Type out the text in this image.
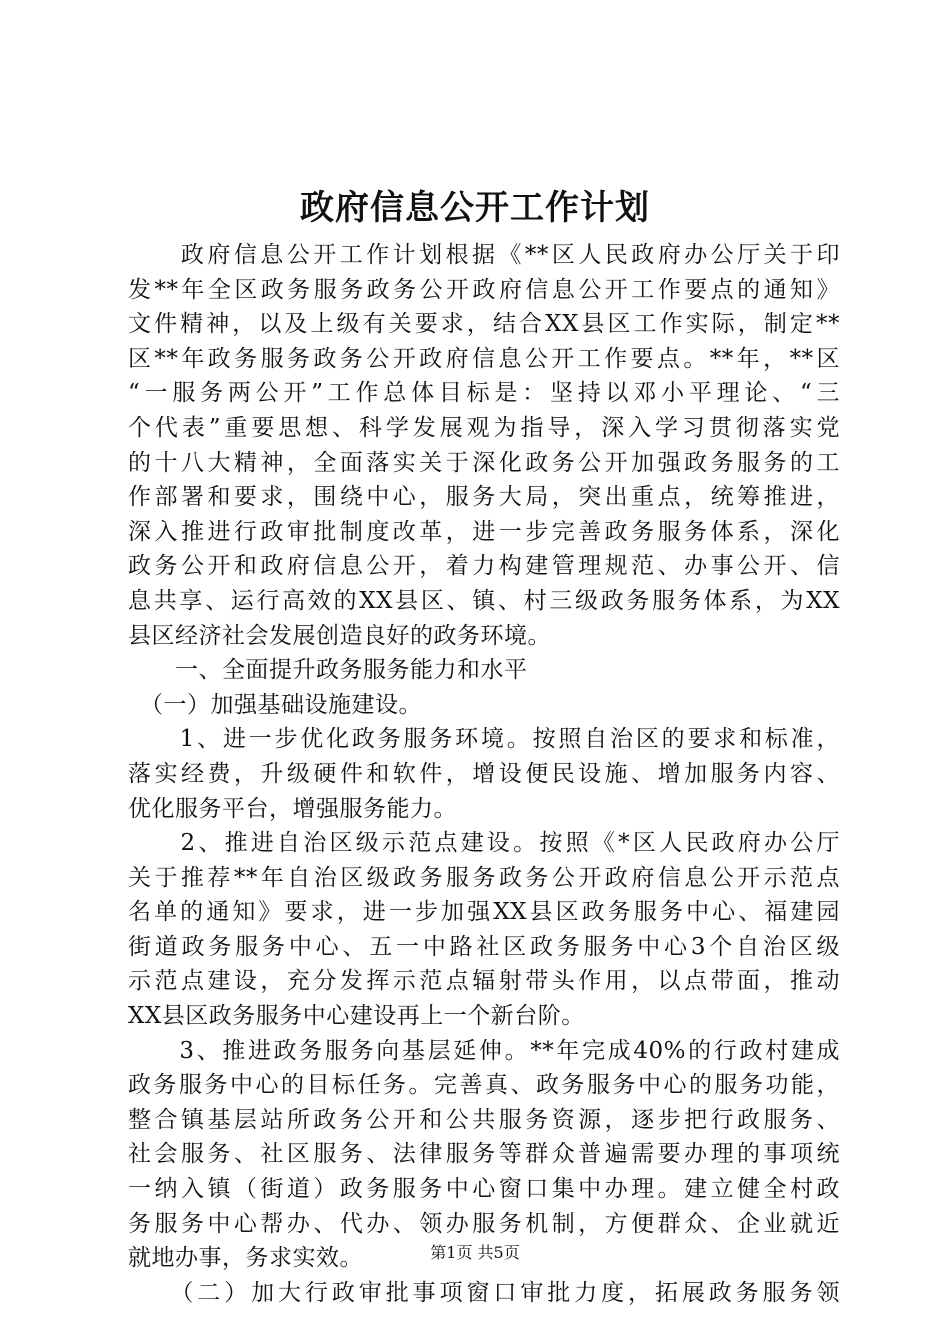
政府信息公开工作计划
　　政府信息公开工作计划根据《**区人民政府办公厅关于印
发**年全区政务服务政务公开政府信息公开工作要点的通知》
文件精神，以及上级有关要求，结合XX县区工作实际，制定**
区**年政务服务政务公开政府信息公开工作要点。**年，**区
“一服务两公开”工作总体目标是：坚持以邓小平理论、“三
个代表”重要思想、科学发展观为指导，深入学习贯彻落实党
的十八大精神，全面落实关于深化政务公开加强政务服务的工
作部署和要求，围绕中心，服务大局，突出重点，统筹推进，
深入推进行政审批制度改革，进一步完善政务服务体系，深化
政务公开和政府信息公开，着力构建管理规范、办事公开、信
息共享、运行高效的XX县区、镇、村三级政务服务体系，为XX
县区经济社会发展创造良好的政务环境。
　　一、全面提升政务服务能力和水平
　（一）加强基础设施建设。
　　1、进一步优化政务服务环境。按照自治区的要求和标准，
落实经费，升级硬件和软件，增设便民设施、增加服务内容、
优化服务平台，增强服务能力。
　　2、推进自治区级示范点建设。按照《*区人民政府办公厅
关于推荐**年自治区级政务服务政务公开政府信息公开示范点
名单的通知》要求，进一步加强XX县区政务服务中心、福建园
街道政务服务中心、五一中路社区政务服务中心3个自治区级
示范点建设，充分发挥示范点辐射带头作用，以点带面，推动
XX县区政务服务中心建设再上一个新台阶。
　　3、推进政务服务向基层延伸。**年完成40%的行政村建成
政务服务中心的目标任务。完善真、政务服务中心的服务功能，
整合镇基层站所政务公开和公共服务资源，逐步把行政服务、
社会服务、社区服务、法律服务等群众普遍需要办理的事项统
一纳入镇（街道）政务服务中心窗口集中办理。建立健全村政
务服务中心帮办、代办、领办服务机制，方便群众、企业就近
就地办事，务求实效。
　　（二）加大行政审批事项窗口审批力度，拓展政务服务领
第1页 共5页
